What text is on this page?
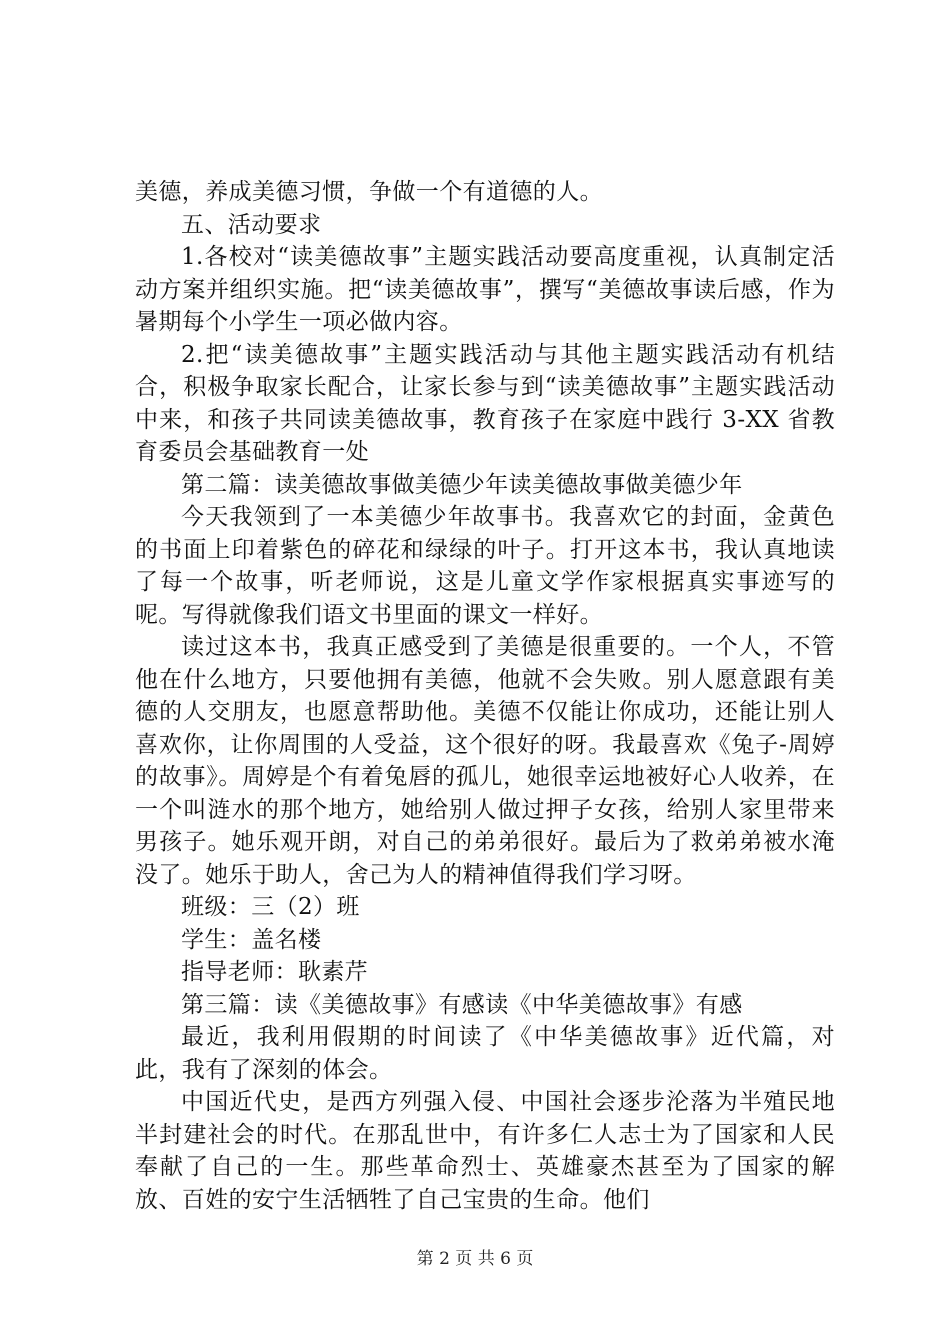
美德，养成美德习惯，争做一个有道德的人。

五、活动要求

1.各校对“读美德故事”主题实践活动要高度重视，认真制定活动方案并组织实施。把“读美德故事”，撰写“美德故事读后感，作为暑期每个小学生一项必做内容。

2.把“读美德故事”主题实践活动与其他主题实践活动有机结合，积极争取家长配合，让家长参与到“读美德故事”主题实践活动中来，和孩子共同读美德故事，教育孩子在家庭中践行 3-XX 省教育委员会基础教育一处

第二篇：读美德故事做美德少年读美德故事做美德少年

今天我领到了一本美德少年故事书。我喜欢它的封面，金黄色的书面上印着紫色的碎花和绿绿的叶子。打开这本书，我认真地读了每一个故事，听老师说，这是儿童文学作家根据真实事迹写的呢。写得就像我们语文书里面的课文一样好。

读过这本书，我真正感受到了美德是很重要的。一个人，不管他在什么地方，只要他拥有美德，他就不会失败。别人愿意跟有美德的人交朋友，也愿意帮助他。美德不仅能让你成功，还能让别人喜欢你，让你周围的人受益，这个很好的呀。我最喜欢《兔子-周婷的故事》。周婷是个有着兔唇的孤儿，她很幸运地被好心人收养，在一个叫涟水的那个地方，她给别人做过押子女孩，给别人家里带来男孩子。她乐观开朗，对自己的弟弟很好。最后为了救弟弟被水淹没了。她乐于助人，舍己为人的精神值得我们学习呀。

班级：三（2）班

学生：盖名楼

指导老师：耿素芹

第三篇：读《美德故事》有感读《中华美德故事》有感

最近，我利用假期的时间读了《中华美德故事》近代篇，对此，我有了深刻的体会。

中国近代史，是西方列强入侵、中国社会逐步沦落为半殖民地半封建社会的时代。在那乱世中，有许多仁人志士为了国家和人民奉献了自己的一生。那些革命烈士、英雄豪杰甚至为了国家的解放、百姓的安宁生活牺牲了自己宝贵的生命。他们

第 2 页 共 6 页
